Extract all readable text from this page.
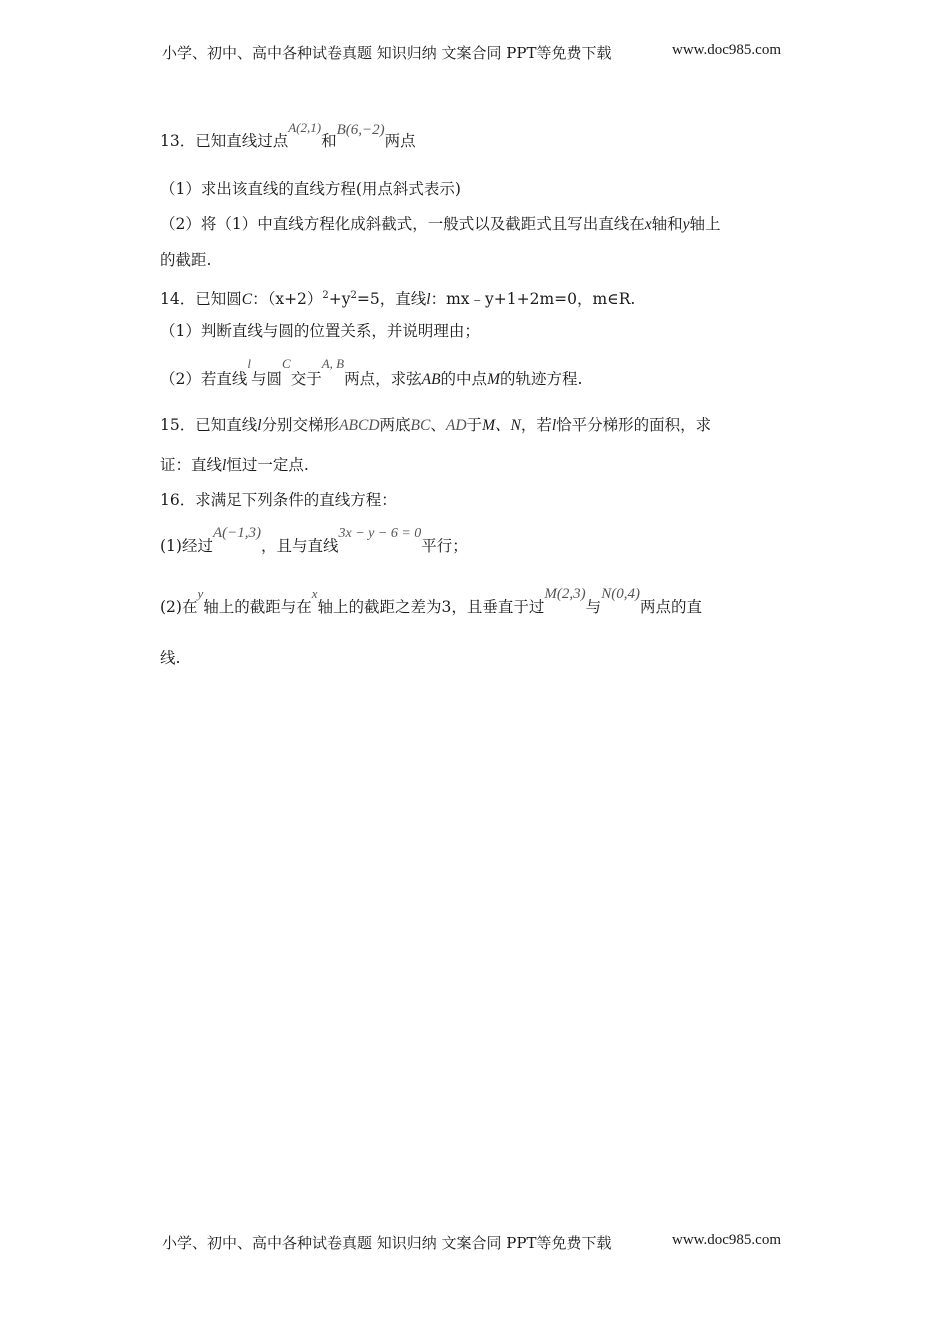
小学、初中、高中各种试卷真题 知识归纳 文案合同 PPT等免费下载	www.doc985.com
13．已知直线过点$^{A(2,1)}$和B(6,−2)两点
（1）求出该直线的直线方程(用点斜式表示)
（2）将（1）中直线方程化成斜截式，一般式以及截距式且写出直线在x轴和y轴上
的截距.
14．已知圆C：$(x+2)^2+y^2=5$，直线l：mx﹣y+1+2m=0，m∈R.
（1）判断直线与圆的位置关系，并说明理由；
（2）若直线$^l$与圆$^C$交于$^{A, B}$两点，求弦AB的中点M的轨迹方程.
15．已知直线l分别交梯形ABCD两底BC、AD于M、N，若l恰平分梯形的面积，求
证：直线l恒过一定点.
16．求满足下列条件的直线方程：
(1)经过A(−1,3)，且与直线3x − y − 6 = 0平行；
(2)在$^y$轴上的截距与在$^x$轴上的截距之差为3，且垂直于过M(2,3)与N(0,4)两点的直
线.
小学、初中、高中各种试卷真题 知识归纳 文案合同 PPT等免费下载	www.doc985.com
